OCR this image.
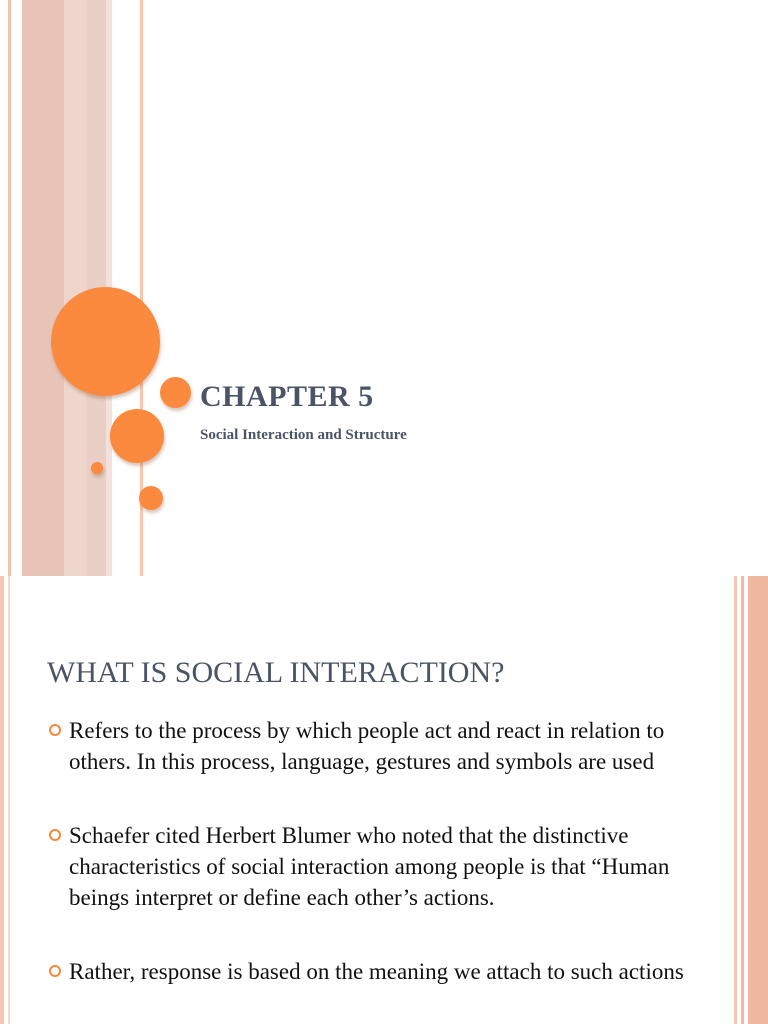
CHAPTER 5

Social Interaction and Structure

WHAT IS SOCIAL INTERACTION?
Refers to the process by which people act and react in relation to others. In this process, language, gestures and symbols are used
Schaefer cited Herbert Blumer who noted that the distinctive characteristics of social interaction among people is that “Human beings interpret or define each other’s actions.
Rather, response is based on the meaning we attach to such actions
